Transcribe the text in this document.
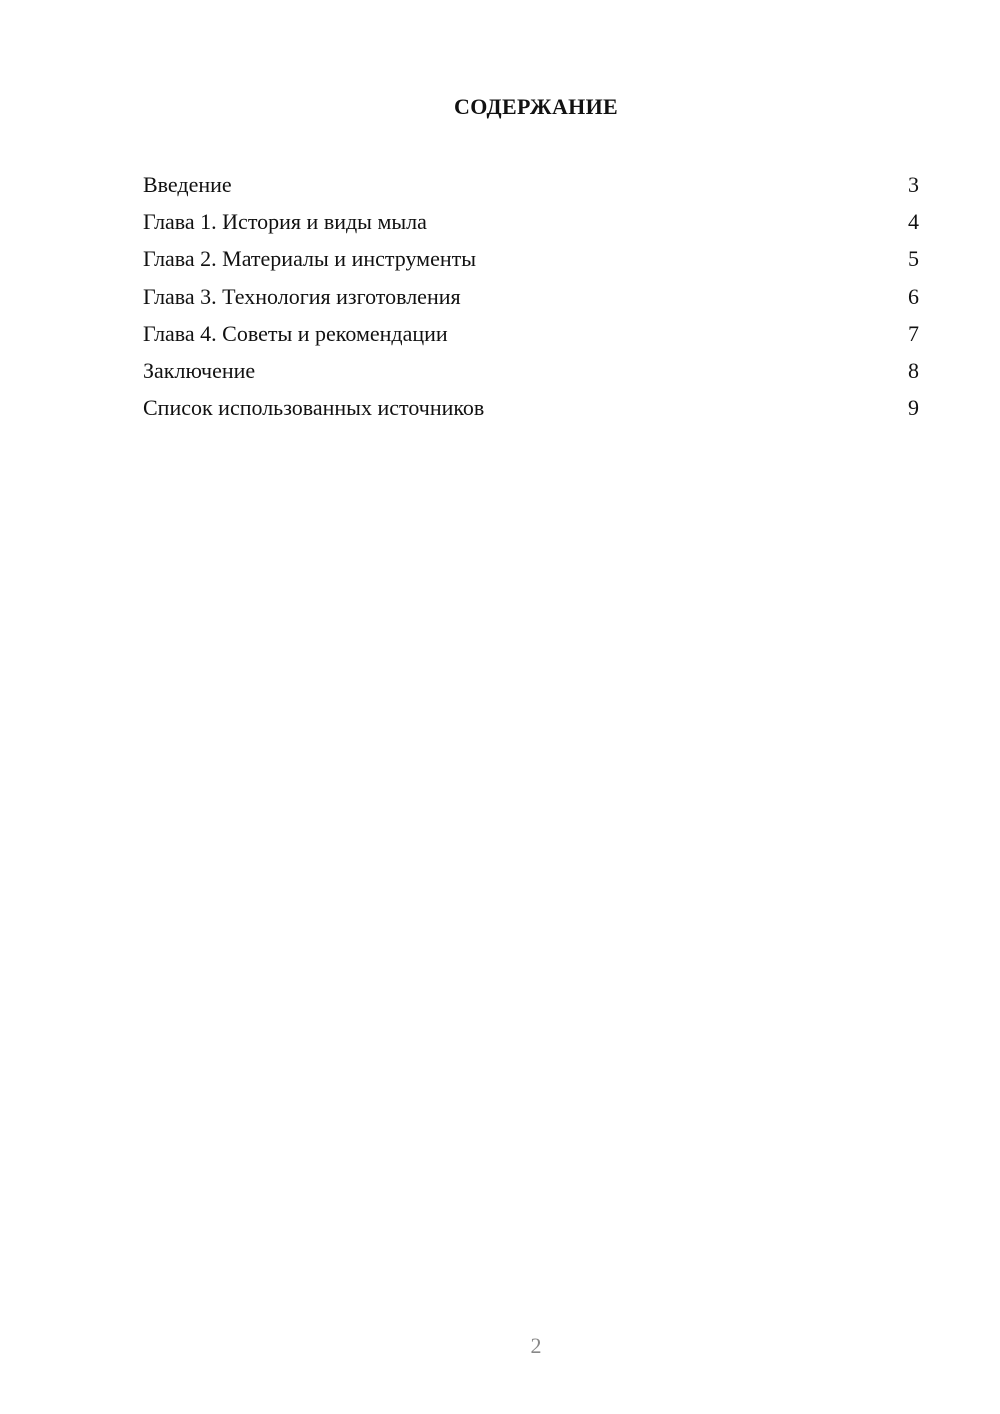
СОДЕРЖАНИЕ
Введение	3
Глава 1. История и виды мыла	4
Глава 2. Материалы и инструменты	5
Глава 3. Технология изготовления	6
Глава 4. Советы и рекомендации	7
Заключение	8
Список использованных источников	9
2
